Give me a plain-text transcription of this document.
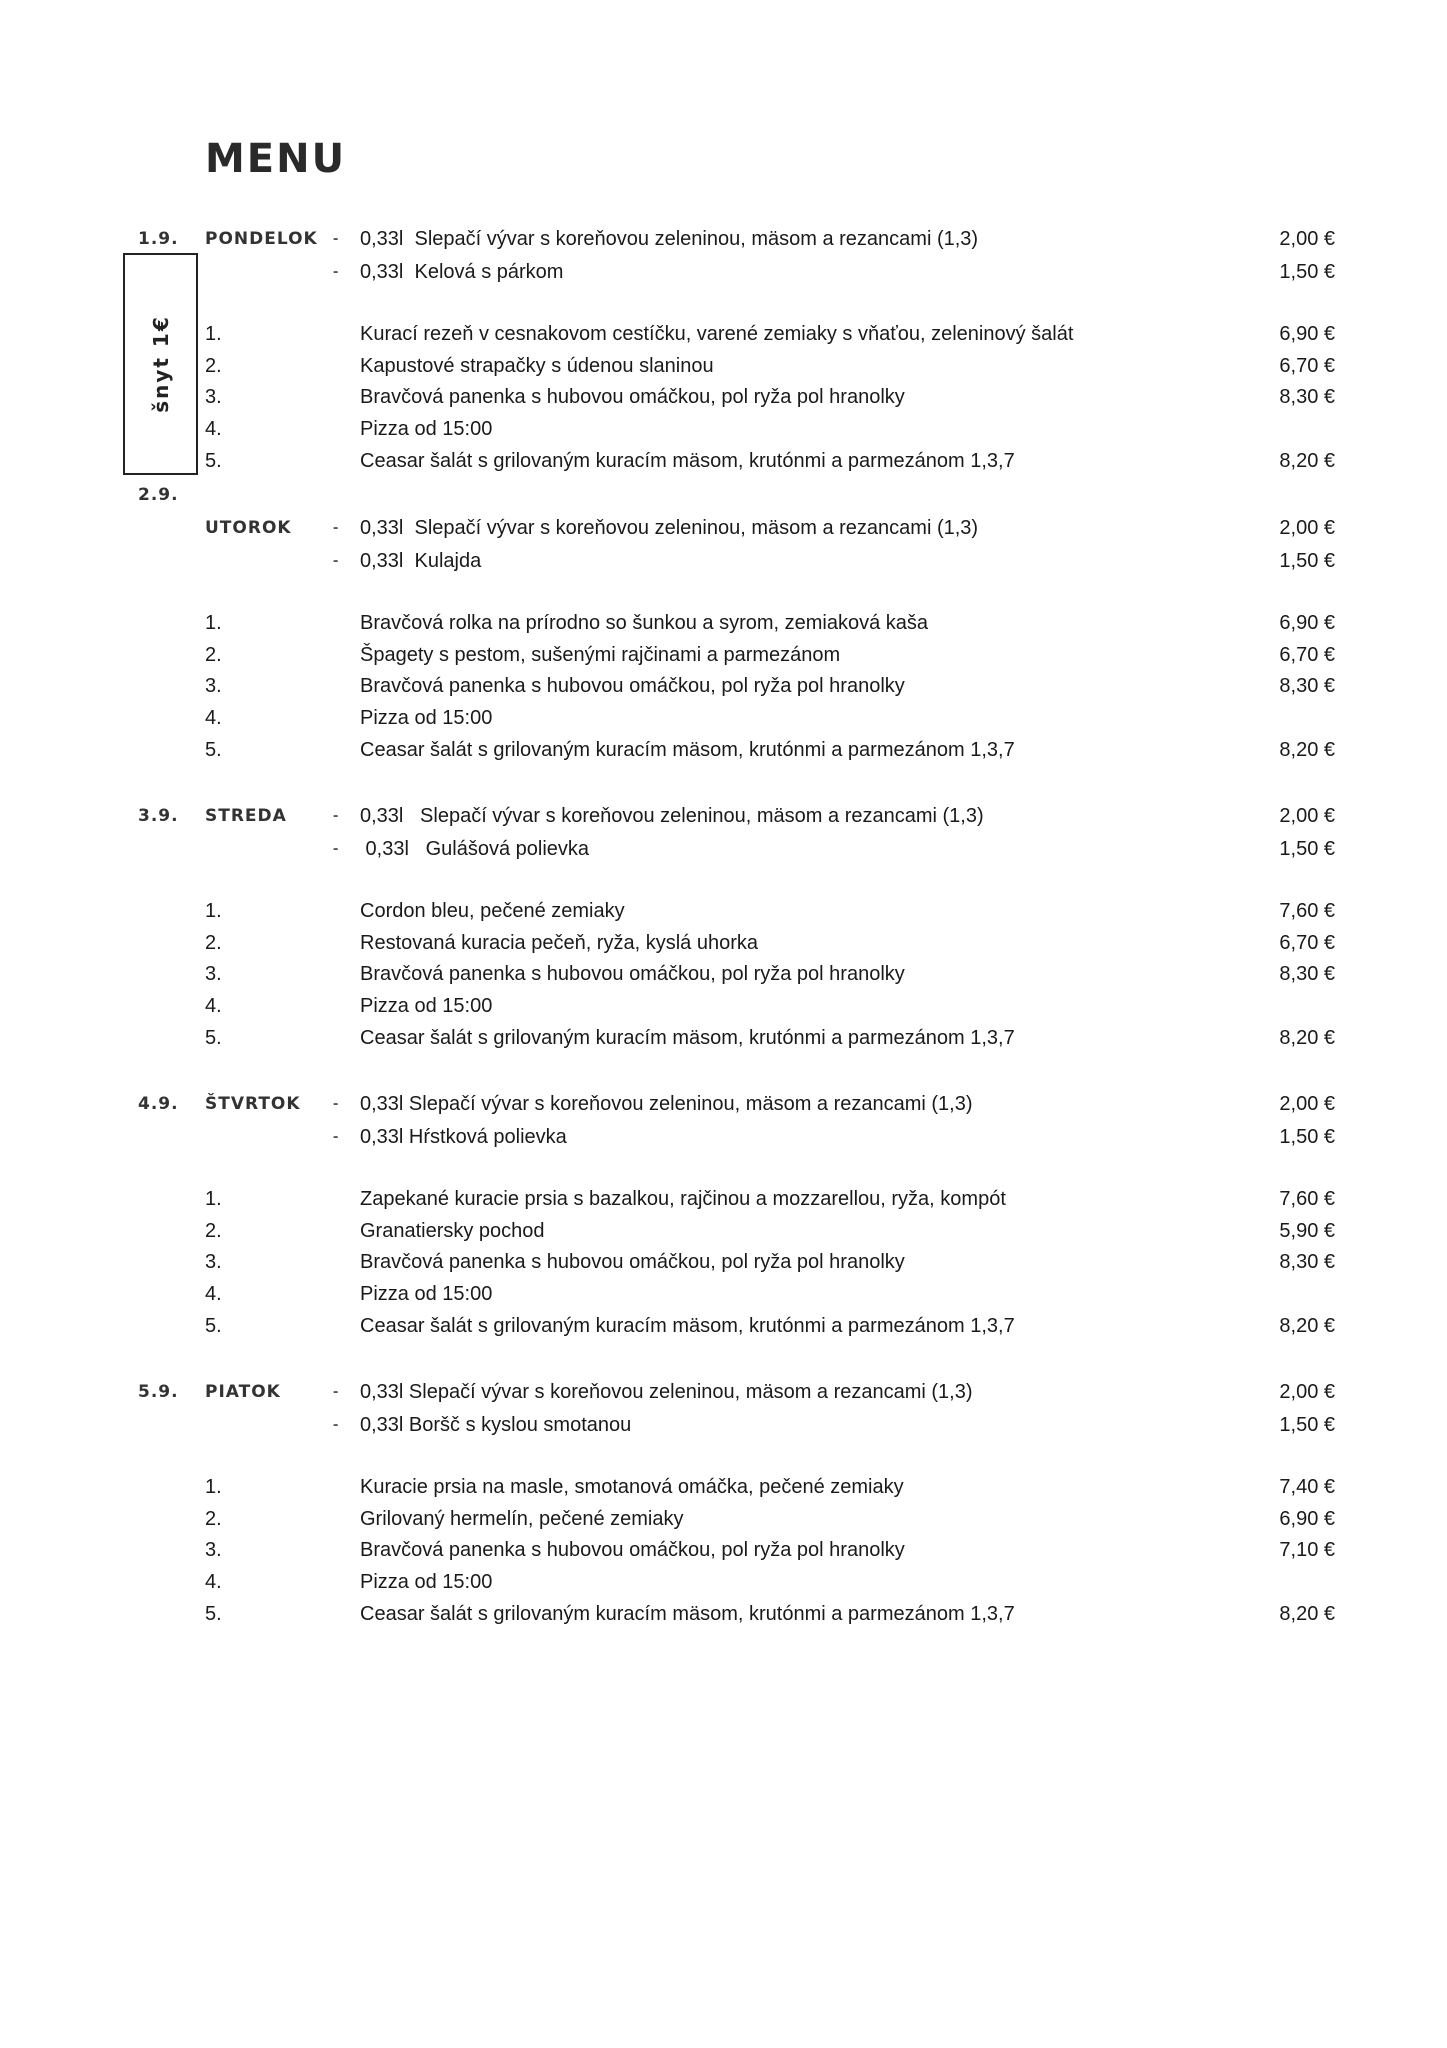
MENU
šnyt 1€
1.9. PONDELOK - 0,33l  Slepačí vývar s koreňovou zeleninou, mäsom a rezancami (1,3)	2,00 €
- 0,33l  Kelová s párkom	1,50 €
1.	Kurací rezeň v cesnakovom cestíčku, varené zemiaky s vňaťou, zeleninový šalát	6,90 €
2.	Kapustové strapačky s údenou slaninou	6,70 €
3.	Bravčová panenka s hubovou omáčkou, pol ryža pol hranolky	8,30 €
4.	Pizza od 15:00
5.	Ceasar šalát s grilovaným kuracím mäsom, krutónmi a parmezánom 1,3,7	8,20 €
2.9.
UTOROK	- 0,33l  Slepačí vývar s koreňovou zeleninou, mäsom a rezancami (1,3)	2,00 €
- 0,33l  Kulajda	1,50 €
1.	Bravčová rolka na prírodno so šunkou a syrom, zemiaková kaša	6,90 €
2.	Špagety s pestom, sušenými rajčinami a parmezánom	6,70 €
3.	Bravčová panenka s hubovou omáčkou, pol ryža pol hranolky	8,30 €
4.	Pizza od 15:00
5.	Ceasar šalát s grilovaným kuracím mäsom, krutónmi a parmezánom 1,3,7	8,20 €
3.9. STREDA	- 0,33l   Slepačí vývar s koreňovou zeleninou, mäsom a rezancami (1,3)	2,00 €
- 0,33l   Gulášová polievka	1,50 €
1.	Cordon bleu, pečené zemiaky	7,60 €
2.	Restovaná kuracia pečeň, ryža, kyslá uhorka	6,70 €
3.	Bravčová panenka s hubovou omáčkou, pol ryža pol hranolky	8,30 €
4.	Pizza od 15:00
5.	Ceasar šalát s grilovaným kuracím mäsom, krutónmi a parmezánom 1,3,7	8,20 €
4.9. ŠTVRTOK - 0,33l Slepačí vývar s koreňovou zeleninou, mäsom a rezancami (1,3)	2,00 €
- 0,33l Hŕstková polievka	1,50 €
1.	Zapekané kuracie prsia s bazalkou, rajčinou a mozzarellou, ryža, kompót	7,60 €
2.	Granatiersky pochod	5,90 €
3.	Bravčová panenka s hubovou omáčkou, pol ryža pol hranolky	8,30 €
4.	Pizza od 15:00
5.	Ceasar šalát s grilovaným kuracím mäsom, krutónmi a parmezánom 1,3,7	8,20 €
5.9. PIATOK	- 0,33l Slepačí vývar s koreňovou zeleninou, mäsom a rezancami (1,3)	2,00 €
- 0,33l Boršč s kyslou smotanou	1,50 €
1.	Kuracie prsia na masle, smotanová omáčka, pečené zemiaky	7,40 €
2.	Grilovaný hermelín, pečené zemiaky	6,90 €
3.	Bravčová panenka s hubovou omáčkou, pol ryža pol hranolky	7,10 €
4.	Pizza od 15:00
5.	Ceasar šalát s grilovaným kuracím mäsom, krutónmi a parmezánom 1,3,7	8,20 €
